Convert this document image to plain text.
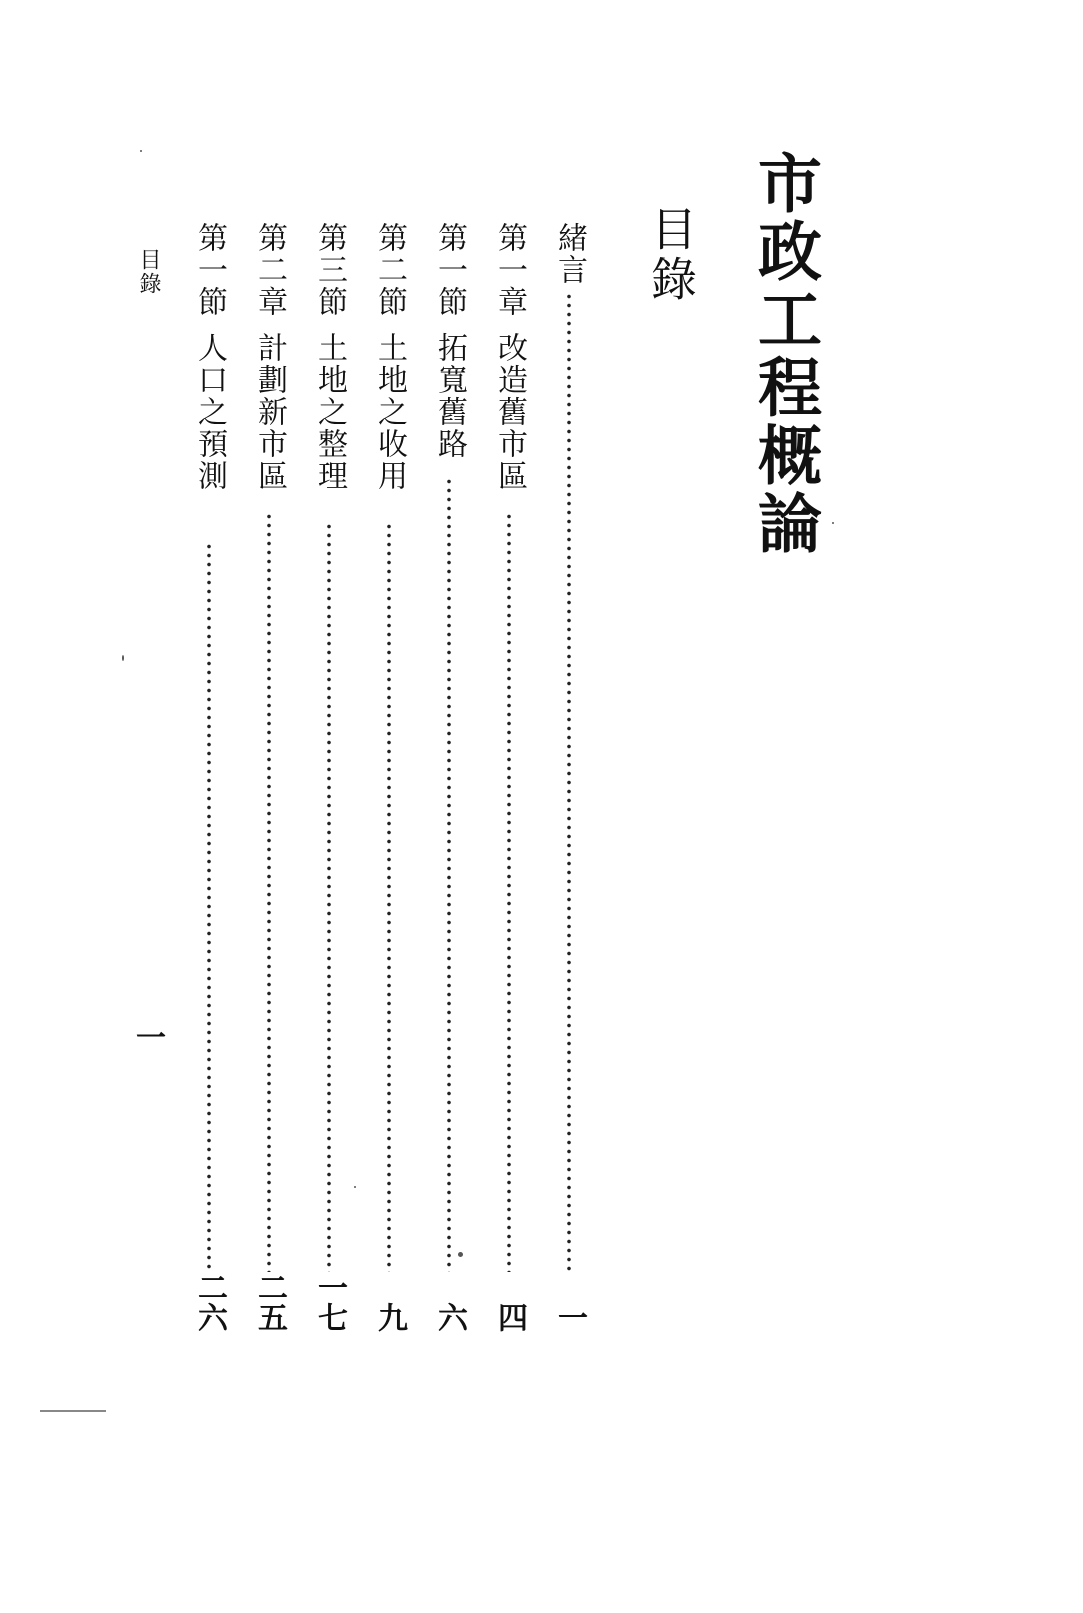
市政工程概論
目錄
緒言
一
第一章改造舊市區
四
第一節拓寬舊路
六
第二節土地之收用
九
第三節土地之整理
一七
第二章計劃新市區
二五
第一節人口之預測
二六
目錄
一
